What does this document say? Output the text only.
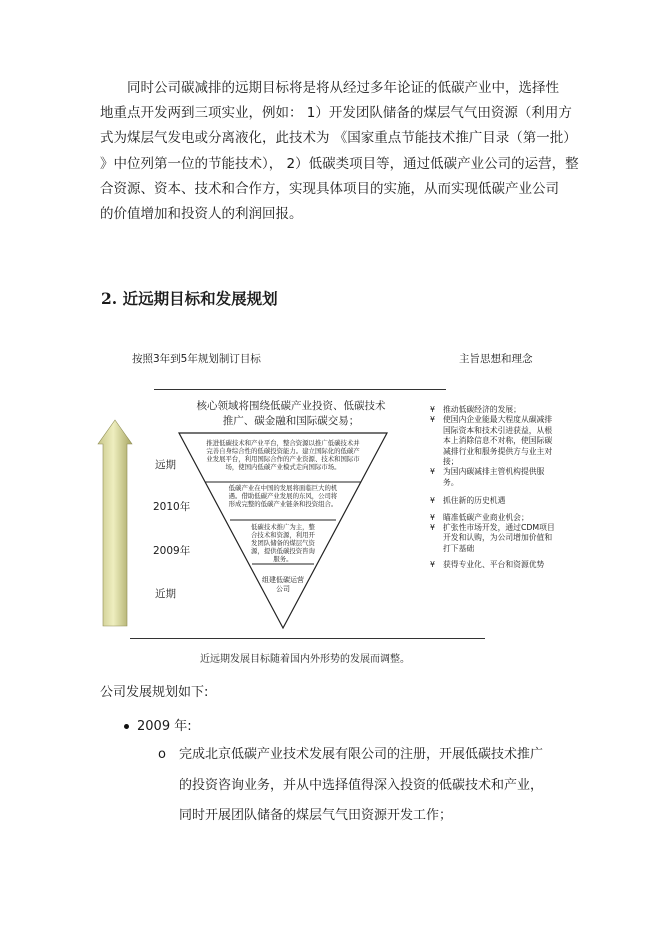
同时公司碳减排的远期目标将是将从经过多年论证的低碳产业中，选择性
地重点开发两到三项实业，例如： 1）开发团队储备的煤层气气田资源（利用方
式为煤层气发电或分离液化，此技术为 《国家重点节能技术推广目录（第一批）
》中位列第一位的节能技术）， 2）低碳类项目等，通过低碳产业公司的运营，整
合资源、资本、技术和合作方，实现具体项目的实施，从而实现低碳产业公司
的价值增加和投资人的利润回报。
2. 近远期目标和发展规划
按照3年到5年规划制订目标	主旨思想和理念
核心领域将围绕低碳产业投资、低碳技术推广、碳金融和国际碳交易；
推进低碳技术和产业平台，整合资源以推广低碳技术并完善自身综合性的低碳投资能力。建立国际化的低碳产业发展平台，利用国际合作的产业资源、技术和国际市场，使国内低碳产业模式走向国际市场。
低碳产业在中国的发展将面临巨大的机遇。借助低碳产业发展的东风，公司将形成完整的低碳产业链条和投资组合。
低碳技术推广为主，整合技术和资源，利用开发团队储备的煤层气资源，提供低碳投资咨询服务。
组建低碳运营公司
远期
2010年
2009年
近期
¥ 推动低碳经济的发展；
¥ 使国内企业能最大程度从碳减排国际资本和技术引进获益，从根本上消除信息不对称，使国际碳减排行业和服务提供方与业主对接；
¥ 为国内碳减排主管机构提供服务。
¥ 抓住新的历史机遇
¥ 瞄准低碳产业商业机会；
¥ 扩张性市场开发，通过CDM项目开发和认购，为公司增加价值和打下基础
¥ 获得专业化、平台和资源优势
近远期发展目标随着国内外形势的发展而调整。
公司发展规划如下:
2009 年:
o 完成北京低碳产业技术发展有限公司的注册，开展低碳技术推广
的投资咨询业务，并从中选择值得深入投资的低碳技术和产业，
同时开展团队储备的煤层气气田资源开发工作；
